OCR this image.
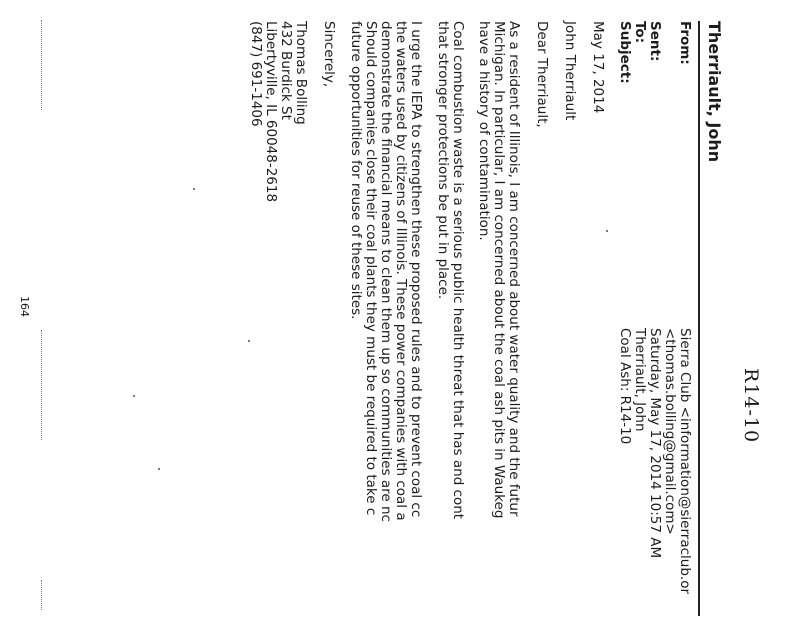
R14-10
Therriault, John
From:
Sierra Club <information@sierraclub.or
<thomas.bolling@gmail.com>
Sent:
Saturday, May 17, 2014 10:57 AM
To:
Therriault, John
Subject:
Coal Ash: R14-10
May 17, 2014
John Therriault
Dear Therriault,
As a resident of Illinois, I am concerned about water quality and the futur
Michigan. In particular, I am concerned about the coal ash pits in Waukeg
have a history of contamination.
Coal combustion waste is a serious public health threat that has and cont
that stronger protections be put in place.
I urge the IEPA to strengthen these proposed rules and to prevent coal cc
the waters used by citizens of Illinois. These power companies with coal a
demonstrate the financial means to clean them up so communities are nc
Should companies close their coal plants they must be required to take c
future opportunities for reuse of these sites.
Sincerely,
Thomas Bolling
432 Burdick St
Libertyville, IL 60048-2618
(847) 691-1406
164
